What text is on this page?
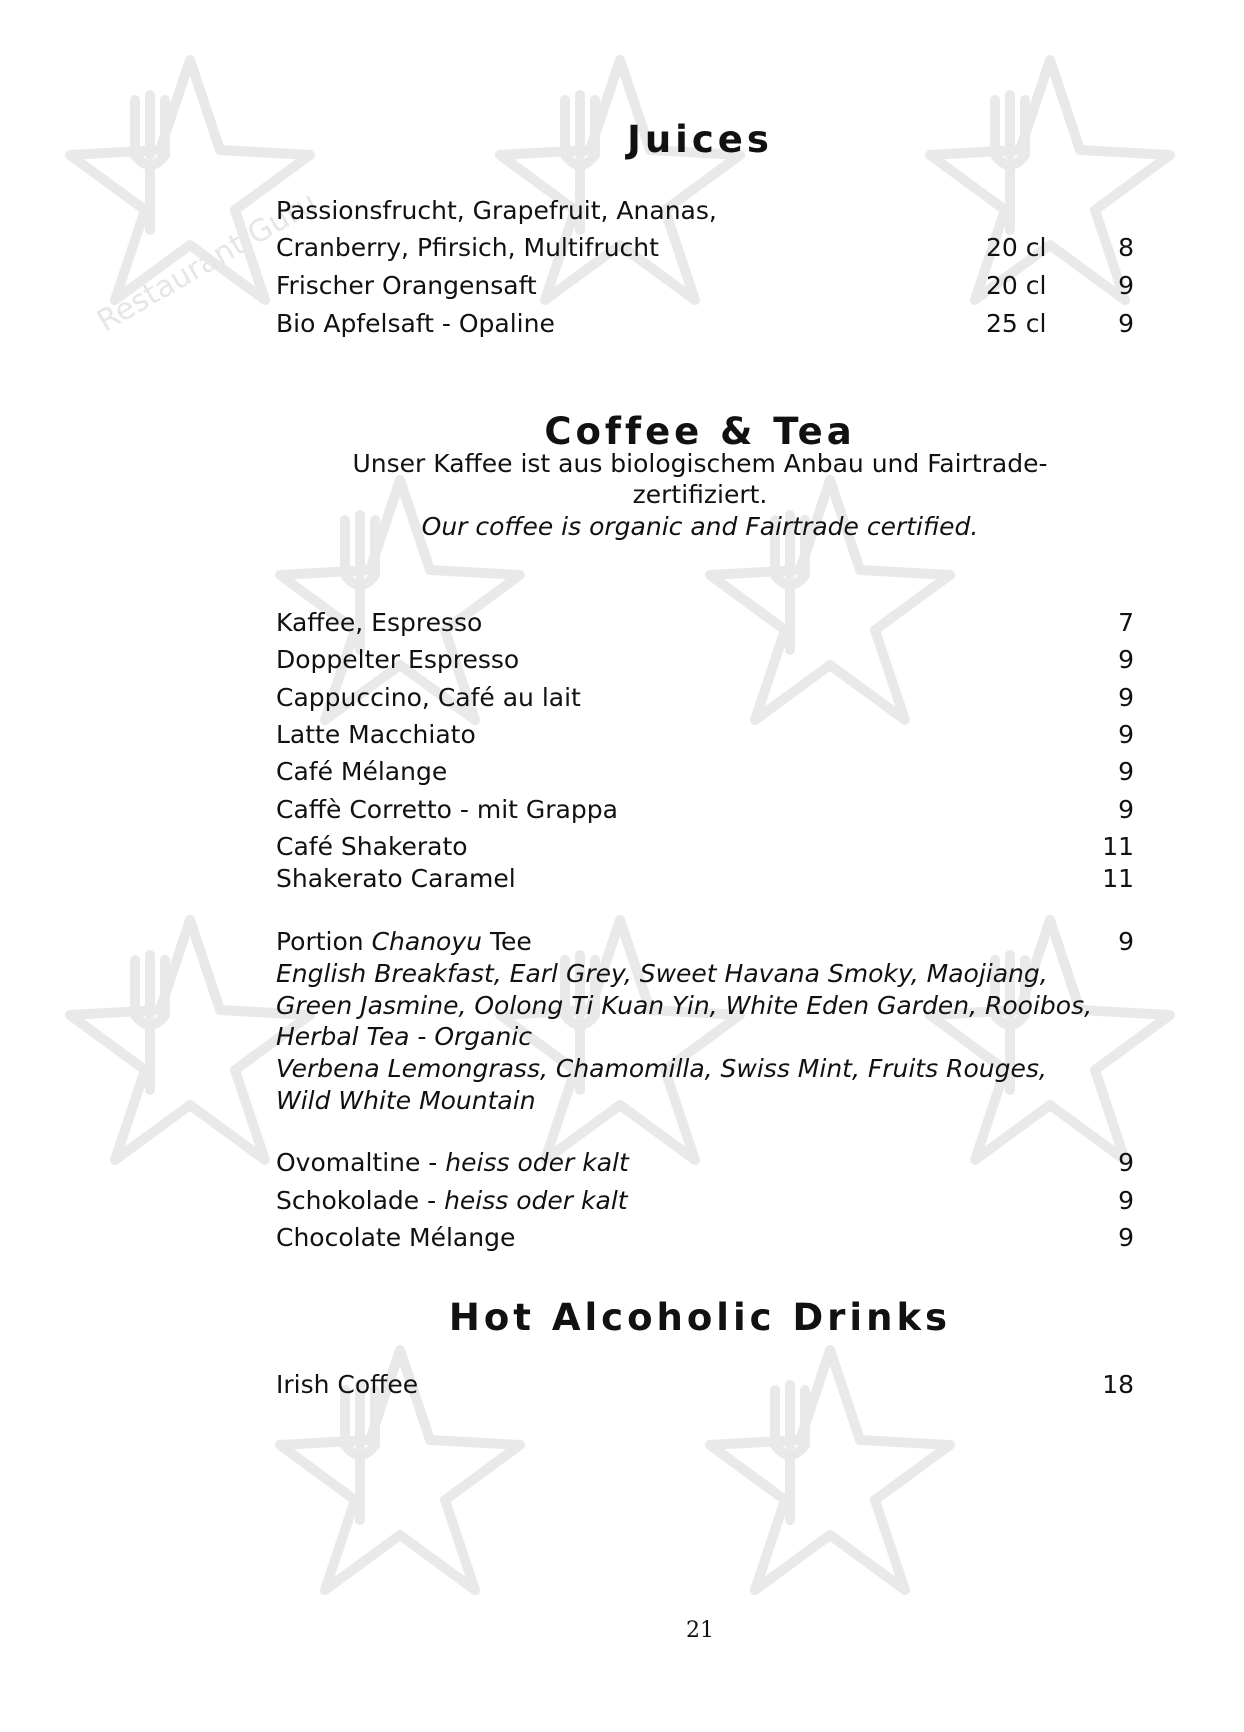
Restaurant Guru
Juices
Passionsfrucht, Grapefruit, Ananas,
Cranberry, Pfirsich, Multifrucht	20 cl	8
Frischer Orangensaft	20 cl	9
Bio Apfelsaft - Opaline	25 cl	9
Coffee & Tea
Unser Kaffee ist aus biologischem Anbau und Fairtrade-
zertifiziert.
Our coffee is organic and Fairtrade certified.
Kaffee, Espresso	7
Doppelter Espresso	9
Cappuccino, Café au lait	9
Latte Macchiato	9
Café Mélange	9
Caffè Corretto - mit Grappa	9
Café Shakerato	11
Shakerato Caramel	11
Portion Chanoyu Tee	9
English Breakfast, Earl Grey, Sweet Havana Smoky, Maojiang,
Green Jasmine, Oolong Ti Kuan Yin, White Eden Garden, Rooibos,
Herbal Tea - Organic
Verbena Lemongrass, Chamomilla, Swiss Mint, Fruits Rouges,
Wild White Mountain
Ovomaltine - heiss oder kalt	9
Schokolade - heiss oder kalt	9
Chocolate Mélange	9
Hot Alcoholic Drinks
Irish Coffee	18
21
